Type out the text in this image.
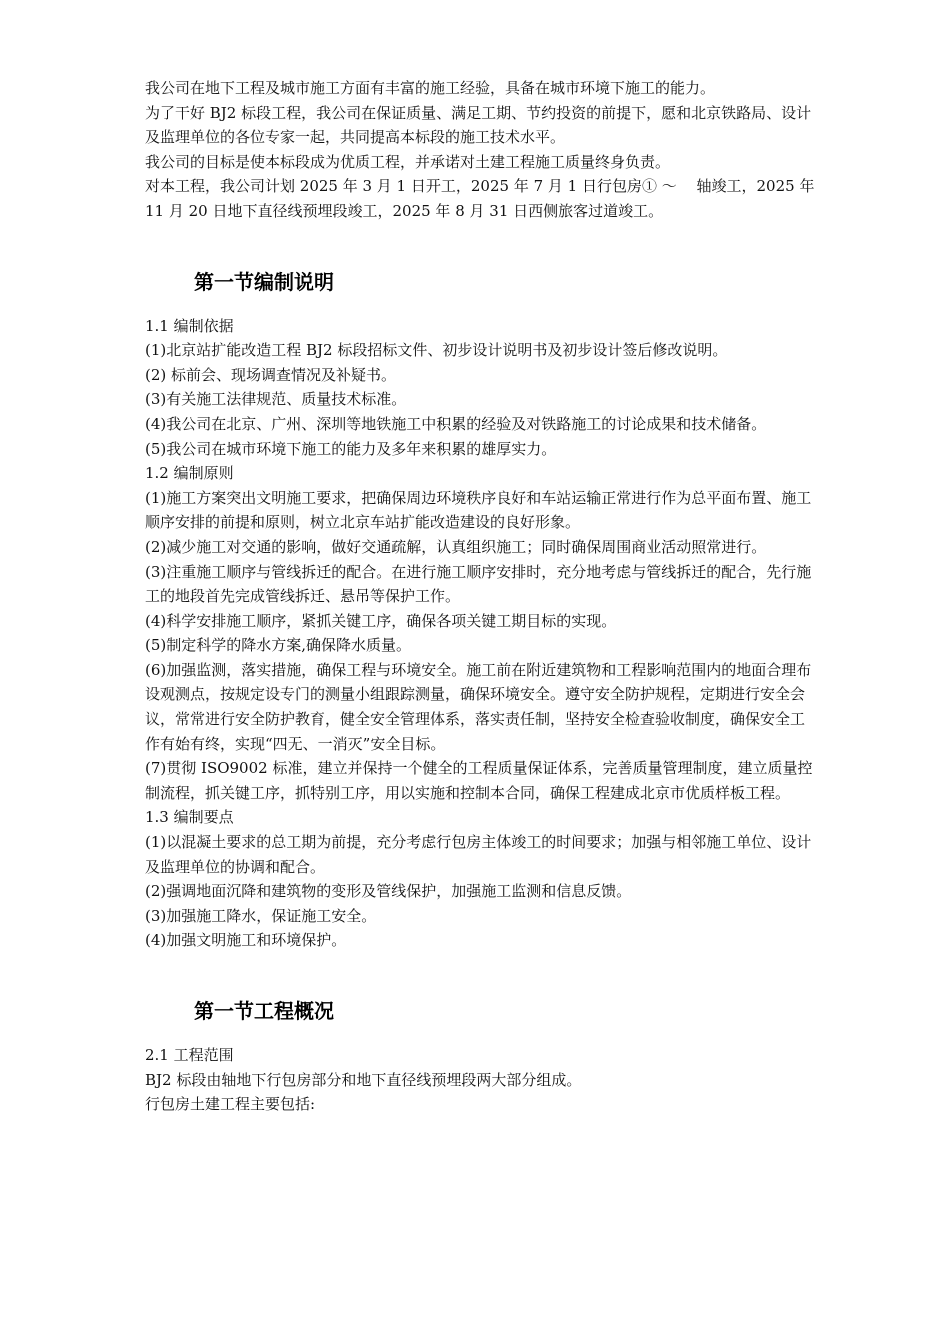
我公司在地下工程及城市施工方面有丰富的施工经验，具备在城市环境下施工的能力。

为了干好 BJ2 标段工程，我公司在保证质量、满足工期、节约投资的前提下，愿和北京铁路局、设计及监理单位的各位专家一起，共同提高本标段的施工技术水平。

我公司的目标是使本标段成为优质工程，并承诺对土建工程施工质量终身负责。

对本工程，我公司计划 2025 年 3 月 1 日开工，2025 年 7 月 1 日行包房① ～　 轴竣工，2025 年 11 月 20 日地下直径线预埋段竣工，2025 年 8 月 31 日西侧旅客过道竣工。

第一节编制说明

1.1 编制依据

(1)北京站扩能改造工程 BJ2 标段招标文件、初步设计说明书及初步设计签后修改说明。

(2) 标前会、现场调查情况及补疑书。

(3)有关施工法律规范、质量技术标准。

(4)我公司在北京、广州、深圳等地铁施工中积累的经验及对铁路施工的讨论成果和技术储备。

(5)我公司在城市环境下施工的能力及多年来积累的雄厚实力。

1.2 编制原则

(1)施工方案突出文明施工要求，把确保周边环境秩序良好和车站运输正常进行作为总平面布置、施工顺序安排的前提和原则，树立北京车站扩能改造建设的良好形象。

(2)减少施工对交通的影响，做好交通疏解，认真组织施工；同时确保周围商业活动照常进行。

(3)注重施工顺序与管线拆迁的配合。在进行施工顺序安排时，充分地考虑与管线拆迁的配合，先行施工的地段首先完成管线拆迁、悬吊等保护工作。

(4)科学安排施工顺序，紧抓关键工序，确保各项关键工期目标的实现。

(5)制定科学的降水方案,确保降水质量。

(6)加强监测，落实措施，确保工程与环境安全。施工前在附近建筑物和工程影响范围内的地面合理布设观测点，按规定设专门的测量小组跟踪测量，确保环境安全。遵守安全防护规程，定期进行安全会议，常常进行安全防护教育，健全安全管理体系，落实责任制，坚持安全检查验收制度，确保安全工作有始有终，实现“四无、一消灭”安全目标。

(7)贯彻 ISO9002 标准，建立并保持一个健全的工程质量保证体系，完善质量管理制度，建立质量控制流程，抓关键工序，抓特别工序，用以实施和控制本合同，确保工程建成北京市优质样板工程。

1.3 编制要点

(1)以混凝土要求的总工期为前提，充分考虑行包房主体竣工的时间要求；加强与相邻施工单位、设计及监理单位的协调和配合。

(2)强调地面沉降和建筑物的变形及管线保护，加强施工监测和信息反馈。

(3)加强施工降水，保证施工安全。

(4)加强文明施工和环境保护。

第一节工程概况

2.1 工程范围

BJ2 标段由轴地下行包房部分和地下直径线预埋段两大部分组成。

行包房土建工程主要包括:
